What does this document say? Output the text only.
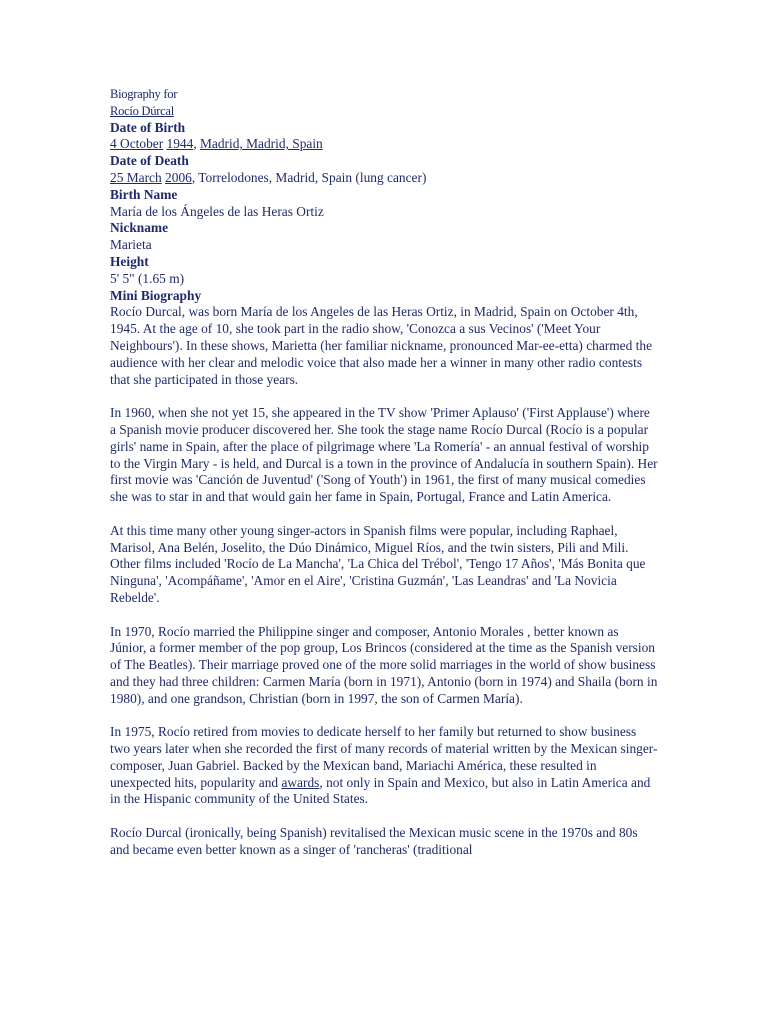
Biography for
Rocío Dúrcal
Date of Birth
4 October 1944, Madrid, Madrid, Spain
Date of Death
25 March 2006, Torrelodones, Madrid, Spain (lung cancer)
Birth Name
María de los Ángeles de las Heras Ortiz
Nickname
Marieta
Height
5' 5" (1.65 m)
Mini Biography

Rocío Durcal, was born María de los Angeles de las Heras Ortiz, in Madrid, Spain on October 4th, 1945. At the age of 10, she took part in the radio show, 'Conozca a sus Vecinos' ('Meet Your Neighbours'). In these shows, Marietta (her familiar nickname, pronounced Mar-ee-etta) charmed the audience with her clear and melodic voice that also made her a winner in many other radio contests that she participated in those years.

In 1960, when she not yet 15, she appeared in the TV show 'Primer Aplauso' ('First Applause') where a Spanish movie producer discovered her. She took the stage name Rocío Durcal (Rocío is a popular girls' name in Spain, after the place of pilgrimage where 'La Romería' - an annual festival of worship to the Virgin Mary - is held, and Durcal is a town in the province of Andalucía in southern Spain). Her first movie was 'Canción de Juventud' ('Song of Youth') in 1961, the first of many musical comedies she was to star in and that would gain her fame in Spain, Portugal, France and Latin America.

At this time many other young singer-actors in Spanish films were popular, including Raphael, Marisol, Ana Belén, Joselito, the Dúo Dinámico, Miguel Ríos, and the twin sisters, Pili and Mili. Other films included 'Rocío de La Mancha', 'La Chica del Trébol', 'Tengo 17 Años', 'Más Bonita que Ninguna', 'Acompáñame', 'Amor en el Aire', 'Cristina Guzmán', 'Las Leandras' and 'La Novicia Rebelde'.

In 1970, Rocío married the Philippine singer and composer, Antonio Morales , better known as Júnior, a former member of the pop group, Los Brincos (considered at the time as the Spanish version of The Beatles). Their marriage proved one of the more solid marriages in the world of show business and they had three children: Carmen María (born in 1971), Antonio (born in 1974) and Shaila (born in 1980), and one grandson, Christian (born in 1997, the son of Carmen María).

In 1975, Rocío retired from movies to dedicate herself to her family but returned to show business two years later when she recorded the first of many records of material written by the Mexican singer-composer, Juan Gabriel. Backed by the Mexican band, Mariachi América, these resulted in unexpected hits, popularity and awards, not only in Spain and Mexico, but also in Latin America and in the Hispanic community of the United States.

Rocío Durcal (ironically, being Spanish) revitalised the Mexican music scene in the 1970s and 80s and became even better known as a singer of 'rancheras' (traditional
